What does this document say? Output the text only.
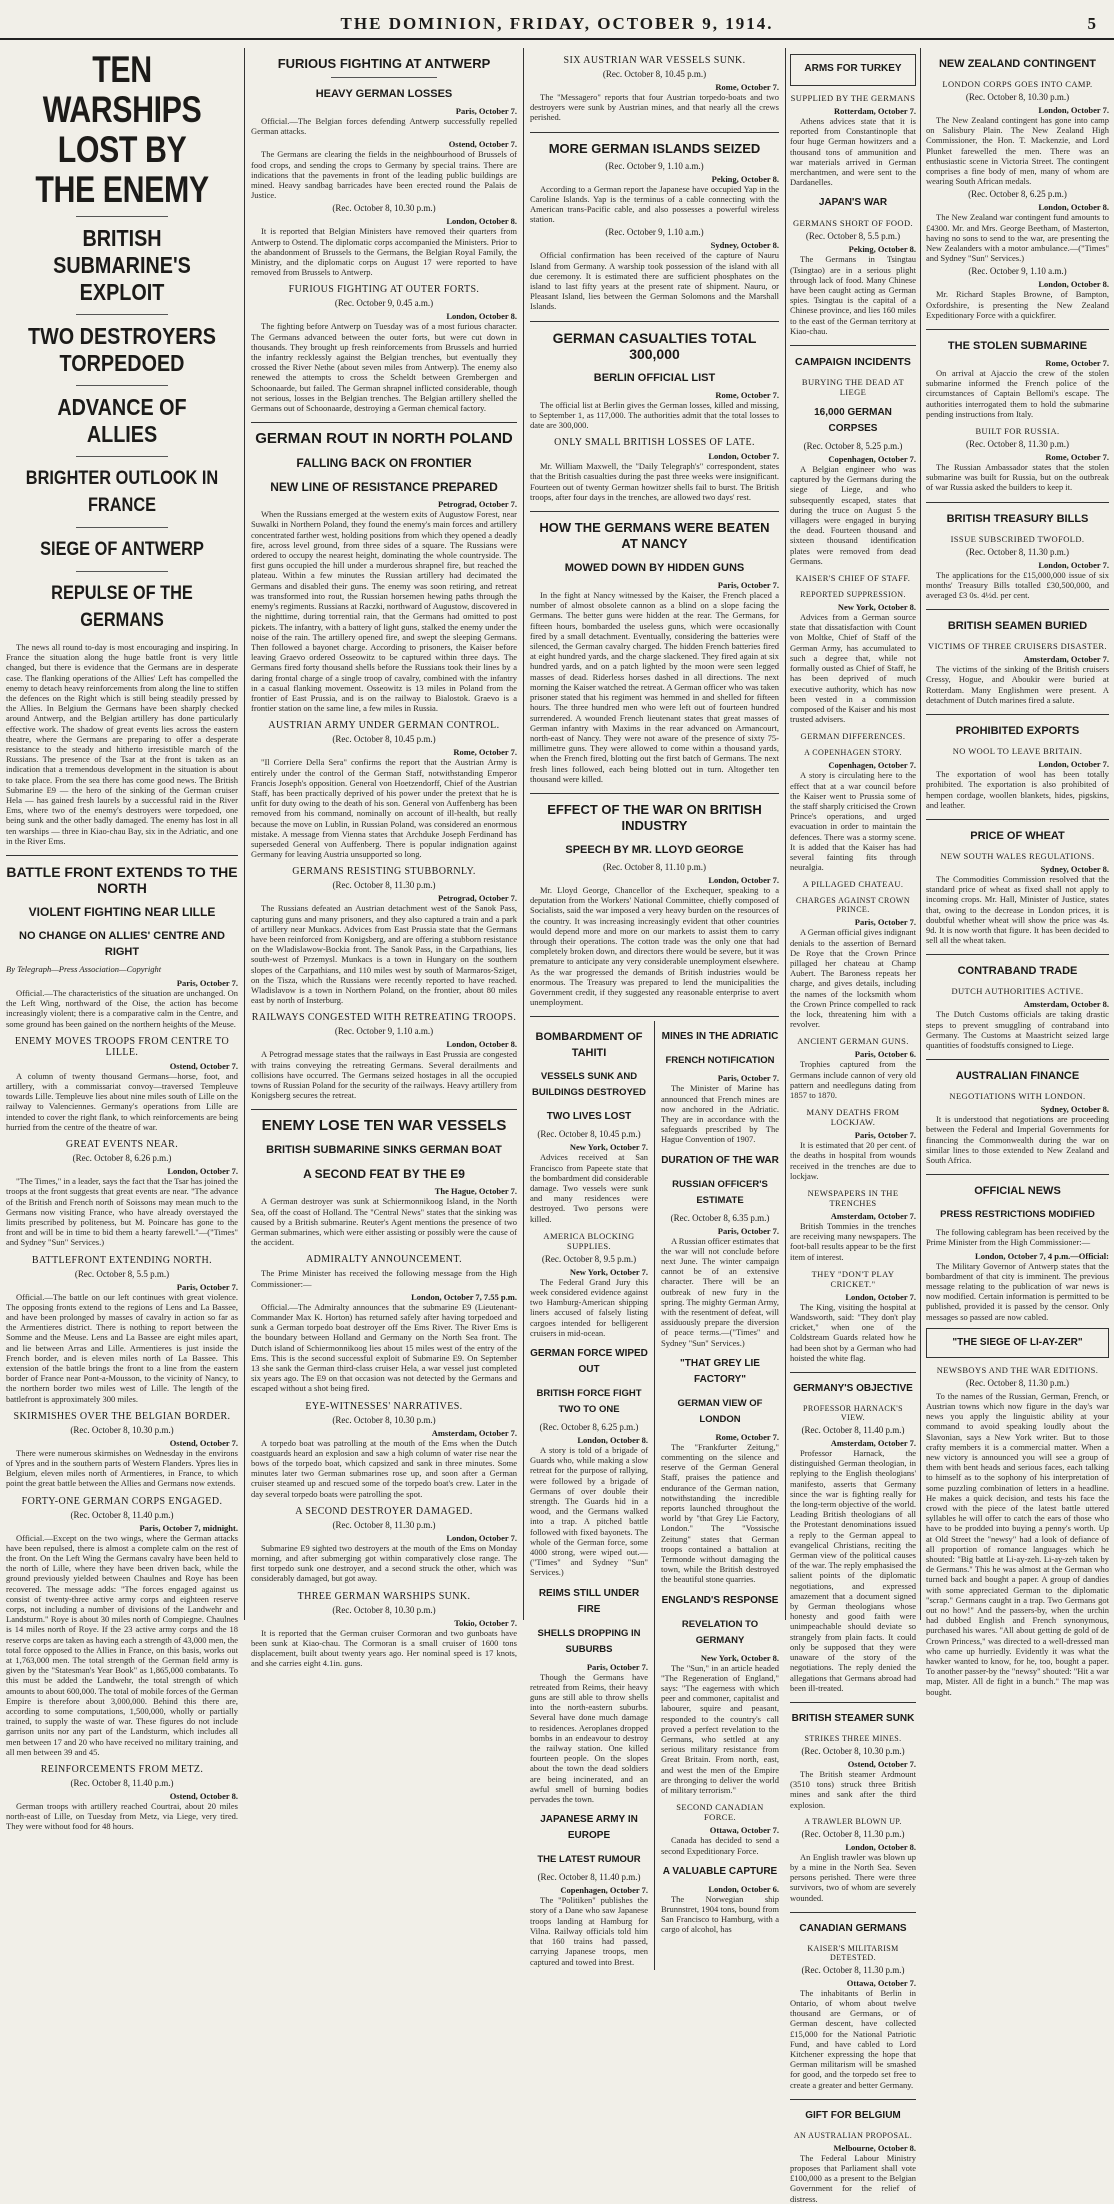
THE DOMINION, FRIDAY, OCTOBER 9, 1914.	5
TEN WARSHIPS LOST BY THE ENEMY
BRITISH SUBMARINE'S EXPLOIT
TWO DESTROYERS TORPEDOED
ADVANCE OF ALLIES
BRIGHTER OUTLOOK IN FRANCE
SIEGE OF ANTWERP
REPULSE OF THE GERMANS
The news all round to-day is most encouraging and inspiring. In France the situation along the huge battle front is very little changed, but there is evidence that the Germans are in desperate case. The flanking operations of the Allies' Left has compelled the enemy to detach heavy reinforcements from along the line to stiffen the defences on the Right which is still being steadily pressed by the Allies. In Belgium the Germans have been sharply checked around Antwerp, and the Belgian artillery has done particularly effective work. The shadow of great events lies across the eastern theatre, where the Germans are preparing to offer a desperate resistance to the steady and hitherto irresistible march of the Russians. The presence of the Tsar at the front is taken as an indication that a tremendous development in the situation is about to take place. From the sea there has come good news. The British Submarine E9 — the hero of the sinking of the German cruiser Hela — has gained fresh laurels by a successful raid in the River Ems, where two of the enemy's destroyers were torpedoed, one being sunk and the other badly damaged. The enemy has lost in all ten warships — three in Kiao-chau Bay, six in the Adriatic, and one in the River Ems.
BATTLE FRONT EXTENDS TO THE NORTH
VIOLENT FIGHTING NEAR LILLE
NO CHANGE ON ALLIES' CENTRE AND RIGHT
By Telegraph—Press Association—Copyright
Paris, October 7.
Official.—The characteristics of the situation are unchanged. On the Left Wing, northward of the Oise, the action has become increasingly violent; there is a comparative calm in the Centre, and some ground has been gained on the northern heights of the Meuse.
ENEMY MOVES TROOPS FROM CENTRE TO LILLE.
Ostend, October 7.
A column of twenty thousand Germans—horse, foot, and artillery, with a commissariat convoy—traversed Templeuve towards Lille. Templeuve lies about nine miles south of Lille on the railway to Valenciennes. Germany's operations from Lille are intended to cover the right flank, to which reinforcements are being hurried from the centre of the theatre of war.
GREAT EVENTS NEAR.
(Rec. October 8, 6.26 p.m.)
London, October 7.
"The Times," in a leader, says the fact that the Tsar has joined the troops at the front suggests that great events are near. "The advance of the British and French north of Soissons may mean much to the Germans now visiting France, who have already overstayed the limits prescribed by politeness, but M. Poincare has gone to the front and will be in time to bid them a hearty farewell."—("Times" and Sydney "Sun" Services.)
BATTLEFRONT EXTENDING NORTH.
(Rec. October 8, 5.5 p.m.)
Paris, October 7.
Official.—The battle on our left continues with great violence. The opposing fronts extend to the regions of Lens and La Bassee, and have been prolonged by masses of cavalry in action so far as the Armentieres district. There is nothing to report between the Somme and the Meuse. Lens and La Bassee are eight miles apart, and lie between Arras and Lille. Armentieres is just inside the French border, and is eleven miles north of La Bassee. This extension of the battle brings the front to a line from the eastern border of France near Pont-a-Mousson, to the vicinity of Nancy, to the northern border two miles west of Lille. The length of the battlefront is approximately 300 miles.
SKIRMISHES OVER THE BELGIAN BORDER.
(Rec. October 8, 10.30 p.m.)
Ostend, October 7.
There were numerous skirmishes on Wednesday in the environs of Ypres and in the southern parts of Western Flanders. Ypres lies in Belgium, eleven miles north of Armentieres, in France, to which point the great battle between the Allies and Germans now extends.
FORTY-ONE GERMAN CORPS ENGAGED.
(Rec. October 8, 11.40 p.m.)
Paris, October 7, midnight.
Official.—Except on the two wings, where the German attacks have been repulsed, there is almost a complete calm on the rest of the front. On the Left Wing the Germans cavalry have been held to the north of Lille, where they have been driven back, while the ground previously yielded between Chaulnes and Roye has been recovered. The message adds: "The forces engaged against us consist of twenty-three active army corps and eighteen reserve corps, not including a number of divisions of the Landwehr and Landsturm." Roye is about 30 miles north of Compiegne. Chaulnes is 14 miles north of Roye. If the 23 active army corps and the 18 reserve corps are taken as having each a strength of 43,000 men, the total force opposed to the Allies in France, on this basis, works out at 1,763,000 men. The total strength of the German field army is given by the "Statesman's Year Book" as 1,865,000 combatants. To this must be added the Landwehr, the total strength of which amounts to about 600,000. The total of mobile forces of the German Empire is therefore about 3,000,000. Behind this there are, according to some computations, 1,500,000, wholly or partially trained, to supply the waste of war. These figures do not include garrison units nor any part of the Landsturm, which includes all men between 17 and 20 who have received no military training, and all men between 39 and 45.
REINFORCEMENTS FROM METZ.
(Rec. October 8, 11.40 p.m.)
Ostend, October 8.
German troops with artillery reached Courtrai, about 20 miles north-east of Lille, on Tuesday from Metz, via Liege, very tired. They were without food for 48 hours.
FURIOUS FIGHTING AT ANTWERP
HEAVY GERMAN LOSSES
Paris, October 7.
Official.—The Belgian forces defending Antwerp successfully repelled German attacks.
Ostend, October 7.
The Germans are clearing the fields in the neighbourhood of Brussels of food crops, and sending the crops to Germany by special trains. There are indications that the pavements in front of the leading public buildings are mined. Heavy sandbag barricades have been erected round the Palais de Justice.
(Rec. October 8, 10.30 p.m.)
London, October 8.
It is reported that Belgian Ministers have removed their quarters from Antwerp to Ostend. The diplomatic corps accompanied the Ministers. Prior to the abandonment of Brussels to the Germans, the Belgian Royal Family, the Ministry, and the diplomatic corps on August 17 were reported to have removed from Brussels to Antwerp.
FURIOUS FIGHTING AT OUTER FORTS.
(Rec. October 9, 0.45 a.m.)
London, October 8.
The fighting before Antwerp on Tuesday was of a most furious character. The Germans advanced between the outer forts, but were cut down in thousands. They brought up fresh reinforcements from Brussels and hurried the infantry recklessly against the Belgian trenches, but eventually they crossed the River Nethe (about seven miles from Antwerp). The enemy also renewed the attempts to cross the Scheldt between Grembergen and Schoonaarde, but failed. The German shrapnel inflicted considerable, though not serious, losses in the Belgian trenches. The Belgian artillery shelled the Germans out of Schoonaarde, destroying a German chemical factory.
GERMAN ROUT IN NORTH POLAND
FALLING BACK ON FRONTIER
NEW LINE OF RESISTANCE PREPARED
Petrograd, October 7.
When the Russians emerged at the western exits of Augustow Forest, near Suwalki in Northern Poland, they found the enemy's main forces and artillery concentrated farther west, holding positions from which they opened a deadly fire, across level ground, from three sides of a square. The Russians were ordered to occupy the nearest height, dominating the whole countryside. The first guns occupied the hill under a murderous shrapnel fire, but reached the plateau. Within a few minutes the Russian artillery had decimated the Germans and disabled their guns. The enemy was soon retiring, and retreat was transformed into rout, the Russian horsemen hewing paths through the enemy's regiments. Russians at Raczki, northward of Augustow, discovered in the nighttime, during torrential rain, that the Germans had omitted to post pickets. The infantry, with a battery of light guns, stalked the enemy under the noise of the rain. The artillery opened fire, and swept the sleeping Germans. Then followed a bayonet charge. According to prisoners, the Kaiser before leaving Graevo ordered Osseowitz to be captured within three days. The Germans fired forty thousand shells before the Russians took their lines by a daring frontal charge of a single troop of cavalry, combined with the infantry in a casual flanking movement. Osseowitz is 13 miles in Poland from the frontier of East Prussia, and is on the railway to Bialostok. Graevo is a frontier station on the same line, a few miles in Russia.
AUSTRIAN ARMY UNDER GERMAN CONTROL.
(Rec. October 8, 10.45 p.m.)
Rome, October 7.
"Il Corriere Della Sera" confirms the report that the Austrian Army is entirely under the control of the German Staff, notwithstanding Emperor Francis Joseph's opposition. General von Hoetzendorff, Chief of the Austrian Staff, has been practically deprived of his power under the pretext that he is unfit for duty owing to the death of his son. General von Auffenberg has been removed from his command, nominally on account of ill-health, but really because the move on Lublin, in Russian Poland, was considered an enormous mistake. A message from Vienna states that Archduke Joseph Ferdinand has superseded General von Auffenberg. There is popular indignation against Germany for leaving Austria unsupported so long.
GERMANS RESISTING STUBBORNLY.
(Rec. October 8, 11.30 p.m.)
Petrograd, October 7.
The Russians defeated an Austrian detachment west of the Sanok Pass, capturing guns and many prisoners, and they also captured a train and a park of artillery near Munkacs. Advices from East Prussia state that the Germans have been reinforced from Konigsberg, and are offering a stubborn resistance on the Wladislawow-Bockia front. The Sanok Pass, in the Carpathians, lies south-west of Przemysl. Munkacs is a town in Hungary on the southern slopes of the Carpathians, and 110 miles west by south of Marmaros-Sziget, on the Tisza, which the Russians were recently reported to have reached. Wladislavow is a town in Northern Poland, on the frontier, about 80 miles east by north of Insterburg.
RAILWAYS CONGESTED WITH RETREATING TROOPS.
(Rec. October 9, 1.10 a.m.)
London, October 8.
A Petrograd message states that the railways in East Prussia are congested with trains conveying the retreating Germans. Several derailments and collisions have occurred. The Germans seized hostages in all the occupied towns of Russian Poland for the security of the railways. Heavy artillery from Konigsberg secures the retreat.
ENEMY LOSE TEN WAR VESSELS
BRITISH SUBMARINE SINKS GERMAN BOAT
A SECOND FEAT BY THE E9
The Hague, October 7.
A German destroyer was sunk at Schiermonnikoog Island, in the North Sea, off the coast of Holland. The "Central News" states that the sinking was caused by a British submarine. Reuter's Agent mentions the presence of two German submarines, which were either assisting or possibly were the cause of the accident.
ADMIRALTY ANNOUNCEMENT.
The Prime Minister has received the following message from the High Commissioner:—
London, October 7, 7.55 p.m.
Official.—The Admiralty announces that the submarine E9 (Lieutenant-Commander Max K. Horton) has returned safely after having torpedoed and sunk a German torpedo boat destroyer off the Ems River. The River Ems is the boundary between Holland and Germany on the North Sea front. The Dutch island of Schiermonnikoog lies about 15 miles west of the entry of the Ems. This is the second successful exploit of Submarine E9. On September 13 she sank the German third-class cruiser Hela, a war vessel just completed six years ago. The E9 on that occasion was not detected by the Germans and escaped without a shot being fired.
EYE-WITNESSES' NARRATIVES.
(Rec. October 8, 10.30 p.m.)
Amsterdam, October 7.
A torpedo boat was patrolling at the mouth of the Ems when the Dutch coastguards heard an explosion and saw a high column of water rise near the bows of the torpedo boat, which capsized and sank in three minutes. Some minutes later two German submarines rose up, and soon after a German cruiser steamed up and rescued some of the torpedo boat's crew. Later in the day several torpedo boats were patrolling the spot.
A SECOND DESTROYER DAMAGED.
(Rec. October 8, 11.30 p.m.)
London, October 7.
Submarine E9 sighted two destroyers at the mouth of the Ems on Monday morning, and after submerging got within comparatively close range. The first torpedo sunk one destroyer, and a second struck the other, which was considerably damaged, but got away.
THREE GERMAN WARSHIPS SUNK.
(Rec. October 8, 10.30 p.m.)
Tokio, October 7.
It is reported that the German cruiser Cormoran and two gunboats have been sunk at Kiao-chau. The Cormoran is a small cruiser of 1600 tons displacement, built about twenty years ago. Her nominal speed is 17 knots, and she carries eight 4.1in. guns.
SIX AUSTRIAN WAR VESSELS SUNK.
(Rec. October 8, 10.45 p.m.)
Rome, October 7.
The "Messagero" reports that four Austrian torpedo-boats and two destroyers were sunk by Austrian mines, and that nearly all the crews perished.
MORE GERMAN ISLANDS SEIZED
(Rec. October 9, 1.10 a.m.)
Peking, October 8.
According to a German report the Japanese have occupied Yap in the Caroline Islands. Yap is the terminus of a cable connecting with the American trans-Pacific cable, and also possesses a powerful wireless station.
(Rec. October 9, 1.10 a.m.)
Sydney, October 8.
Official confirmation has been received of the capture of Nauru Island from Germany. A warship took possession of the island with all due ceremony. It is estimated there are sufficient phosphates on the island to last fifty years at the present rate of shipment. Nauru, or Pleasant Island, lies between the German Solomons and the Marshall Islands.
GERMAN CASUALTIES TOTAL 300,000
BERLIN OFFICIAL LIST
Rome, October 7.
The official list at Berlin gives the German losses, killed and missing, to September 1, as 117,000. The authorities admit that the total losses to date are 300,000.
ONLY SMALL BRITISH LOSSES OF LATE.
London, October 7.
Mr. William Maxwell, the "Daily Telegraph's" correspondent, states that the British casualties during the past three weeks were insignificant. Fourteen out of twenty German howitzer shells fail to burst. The British troops, after four days in the trenches, are allowed two days' rest.
HOW THE GERMANS WERE BEATEN AT NANCY
MOWED DOWN BY HIDDEN GUNS
Paris, October 7.
In the fight at Nancy witnessed by the Kaiser, the French placed a number of almost obsolete cannon as a blind on a slope facing the Germans. The better guns were hidden at the rear. The Germans, for fifteen hours, bombarded the useless guns, which were occasionally fired by a small detachment. Eventually, considering the batteries were silenced, the German cavalry charged. The hidden French batteries fired at eight hundred yards, and the charge slackened. They fired again at six hundred yards, and on a patch lighted by the moon were seen legged masses of dead. Riderless horses dashed in all directions. The next morning the Kaiser watched the retreat. A German officer who was taken prisoner stated that his regiment was hemmed in and shelled for fifteen hours. The three hundred men who were left out of fourteen hundred surrendered. A wounded French lieutenant states that great masses of German infantry with Maxims in the rear advanced on Armancourt, north-east of Nancy. They were not aware of the presence of sixty 75-millimetre guns. They were allowed to come within a thousand yards, when the French fired, blotting out the first batch of Germans. The next fresh lines followed, each being blotted out in turn. Altogether ten thousand were killed.
EFFECT OF THE WAR ON BRITISH INDUSTRY
SPEECH BY MR. LLOYD GEORGE
(Rec. October 8, 11.10 p.m.)
London, October 7.
Mr. Lloyd George, Chancellor of the Exchequer, speaking to a deputation from the Workers' National Committee, chiefly composed of Socialists, said the war imposed a very heavy burden on the resources of the country. It was increasing increasingly evident that other countries would depend more and more on our markets to assist them to carry through their operations. The cotton trade was the only one that had completely broken down, and directors there would be severe, but it was premature to anticipate any very considerable unemployment elsewhere. As the war progressed the demands of British industries would be enormous. The Treasury was prepared to lend the municipalities the Government credit, if they suggested any reasonable enterprise to avert unemployment.
BOMBARDMENT OF TAHITI
VESSELS SUNK AND BUILDINGS DESTROYED
TWO LIVES LOST
(Rec. October 8, 10.45 p.m.)
New York, October 7.
Advices received at San Francisco from Papeete state that the bombardment did considerable damage. Two vessels were sunk and many residences were destroyed. Two persons were killed.
AMERICA BLOCKING SUPPLIES.
(Rec. October 8, 9.5 p.m.)
New York, October 7.
The Federal Grand Jury this week considered evidence against two Hamburg-American shipping liners accused of falsely listing cargoes intended for belligerent cruisers in mid-ocean.
GERMAN FORCE WIPED OUT
BRITISH FORCE FIGHT TWO TO ONE
(Rec. October 8, 6.25 p.m.)
London, October 8.
A story is told of a brigade of Guards who, while making a slow retreat for the purpose of rallying, were followed by a brigade of Germans of over double their strength. The Guards hid in a wood, and the Germans walked into a trap. A pitched battle followed with fixed bayonets. The whole of the German force, some 4000 strong, were wiped out.—("Times" and Sydney "Sun" Services.)
REIMS STILL UNDER FIRE
SHELLS DROPPING IN SUBURBS
Paris, October 7.
Though the Germans have retreated from Reims, their heavy guns are still able to throw shells into the north-eastern suburbs. Several have done much damage to residences. Aeroplanes dropped bombs in an endeavour to destroy the railway station. One killed fourteen people. On the slopes about the town the dead soldiers are being incinerated, and an awful smell of burning bodies pervades the town.
JAPANESE ARMY IN EUROPE
THE LATEST RUMOUR
(Rec. October 8, 11.40 p.m.)
Copenhagen, October 7.
The "Politiken" publishes the story of a Dane who saw Japanese troops landing at Hamburg for Vilna. Railway officials told him that 160 trains had passed, carrying Japanese troops, men captured and towed into Brest.
MINES IN THE ADRIATIC
FRENCH NOTIFICATION
Paris, October 7.
The Minister of Marine has announced that French mines are now anchored in the Adriatic. They are in accordance with the safeguards prescribed by The Hague Convention of 1907.
DURATION OF THE WAR
RUSSIAN OFFICER'S ESTIMATE
(Rec. October 8, 6.35 p.m.)
Paris, October 7.
A Russian officer estimates that the war will not conclude before next June. The winter campaign cannot be of an extensive character. There will be an outbreak of new fury in the spring. The mighty German Army, with the resentment of defeat, will assiduously prepare the diversion of peace terms.—("Times" and Sydney "Sun" Services.)
"THAT GREY LIE FACTORY"
GERMAN VIEW OF LONDON
Rome, October 7.
The "Frankfurter Zeitung," commenting on the silence and reserve of the German General Staff, praises the patience and endurance of the German nation, notwithstanding the incredible reports launched throughout the world by "that Grey Lie Factory, London." The "Vossische Zeitung" states that German troops contained a battalion at Termonde without damaging the town, while the British destroyed the beautiful stone quarries.
ENGLAND'S RESPONSE
REVELATION TO GERMANY
New York, October 8.
The "Sun," in an article headed "The Regeneration of England," says: "The eagerness with which peer and commoner, capitalist and labourer, squire and peasant, responded to the country's call proved a perfect revelation to the Germans, who settled at any serious military resistance from Great Britain. From north, east, and west the men of the Empire are thronging to deliver the world of military terrorism."
SECOND CANADIAN FORCE.
Ottawa, October 7.
Canada has decided to send a second Expeditionary Force.
A VALUABLE CAPTURE
London, October 6.
The Norwegian ship Brunnstret, 1904 tons, bound from San Francisco to Hamburg, with a cargo of alcohol, has
ARMS FOR TURKEY
SUPPLIED BY THE GERMANS
Rotterdam, October 7.
Athens advices state that it is reported from Constantinople that four huge German howitzers and a thousand tons of ammunition and war materials arrived in German merchantmen, and were sent to the Dardanelles.
JAPAN'S WAR
GERMANS SHORT OF FOOD.
(Rec. October 8, 5.5 p.m.)
Peking, October 8.
The Germans in Tsingtau (Tsingtao) are in a serious plight through lack of food. Many Chinese have been caught acting as German spies. Tsingtau is the capital of a Chinese province, and lies 160 miles to the east of the German territory at Kiao-chau.
CAMPAIGN INCIDENTS
BURYING THE DEAD AT LIEGE
16,000 GERMAN CORPSES
(Rec. October 8, 5.25 p.m.)
Copenhagen, October 7.
A Belgian engineer who was captured by the Germans during the siege of Liege, and who subsequently escaped, states that during the truce on August 5 the villagers were engaged in burying the dead. Fourteen thousand and sixteen thousand identification plates were removed from dead Germans.
KAISER'S CHIEF OF STAFF.
REPORTED SUPPRESSION.
New York, October 8.
Advices from a German source state that dissatisfaction with Count von Moltke, Chief of Staff of the German Army, has accumulated to such a degree that, while not formally ousted as Chief of Staff, he has been deprived of much executive authority, which has now been vested in a commission composed of the Kaiser and his most trusted advisers.
GERMAN DIFFERENCES.
A COPENHAGEN STORY.
Copenhagen, October 7.
A story is circulating here to the effect that at a war council before the Kaiser went to Prussia some of the staff sharply criticised the Crown Prince's operations, and urged evacuation in order to maintain the defences. There was a stormy scene. It is added that the Kaiser has had several fainting fits through neuralgia.
A PILLAGED CHATEAU.
CHARGES AGAINST CROWN PRINCE.
Paris, October 7.
A German official gives indignant denials to the assertion of Bernard De Roye that the Crown Prince pillaged her chateau at Champ Aubert. The Baroness repeats her charge, and gives details, including the names of the locksmith whom the Crown Prince compelled to rack the lock, threatening him with a revolver.
ANCIENT GERMAN GUNS.
Paris, October 6.
Trophies captured from the Germans include cannon of very old pattern and needleguns dating from 1857 to 1870.
MANY DEATHS FROM LOCKJAW.
Paris, October 7.
It is estimated that 20 per cent. of the deaths in hospital from wounds received in the trenches are due to lockjaw.
NEWSPAPERS IN THE TRENCHES
Amsterdam, October 7.
British Tommies in the trenches are receiving many newspapers. The foot-ball results appear to be the first item of interest.
THEY "DON'T PLAY CRICKET."
London, October 7.
The King, visiting the hospital at Wandsworth, said: "They don't play cricket," when one of the Coldstream Guards related how he had been shot by a German who had hoisted the white flag.
GERMANY'S OBJECTIVE
PROFESSOR HARNACK'S VIEW.
(Rec. October 8, 11.40 p.m.)
Amsterdam, October 7.
Professor Harnack, the distinguished German theologian, in replying to the English theologians' manifesto, asserts that Germany since the war is fighting really for the long-term objective of the world. Leading British theologians of all the Protestant denominations issued a reply to the German appeal to evangelical Christians, reciting the German view of the political causes of the war. The reply emphasised the salient points of the diplomatic negotiations, and expressed amazement that a document signed by German theologians whose honesty and good faith were unimpeachable should deviate so strangely from plain facts. It could only be supposed that they were unaware of the story of the negotiations. The reply denied the allegations that Germans abroad had been ill-treated.
BRITISH STEAMER SUNK
STRIKES THREE MINES.
(Rec. October 8, 10.30 p.m.)
Ostend, October 7.
The British steamer Ardmount (3510 tons) struck three British mines and sank after the third explosion.
A TRAWLER BLOWN UP.
(Rec. October 8, 11.30 p.m.)
London, October 8.
An English trawler was blown up by a mine in the North Sea. Seven persons perished. There were three survivors, two of whom are severely wounded.
CANADIAN GERMANS
KAISER'S MILITARISM DETESTED.
(Rec. October 8, 11.30 p.m.)
Ottawa, October 7.
The inhabitants of Berlin in Ontario, of whom about twelve thousand are Germans, or of German descent, have collected £15,000 for the National Patriotic Fund, and have cabled to Lord Kitchener expressing the hope that German militarism will be smashed for good, and the torpedo set free to create a greater and better Germany.
GIFT FOR BELGIUM
AN AUSTRALIAN PROPOSAL.
Melbourne, October 8.
The Federal Labour Ministry proposes that Parliament shall vote £100,000 as a present to the Belgian Government for the relief of distress.
NEW ZEALAND CONTINGENT
LONDON CORPS GOES INTO CAMP.
(Rec. October 8, 10.30 p.m.)
London, October 7.
The New Zealand contingent has gone into camp on Salisbury Plain. The New Zealand High Commissioner, the Hon. T. Mackenzie, and Lord Plunket farewelled the men. There was an enthusiastic scene in Victoria Street. The contingent comprises a fine body of men, many of whom are wearing South African medals.
(Rec. October 8, 6.25 p.m.)
London, October 8.
The New Zealand war contingent fund amounts to £4300. Mr. and Mrs. George Beetham, of Masterton, having no sons to send to the war, are presenting the New Zealanders with a motor ambulance.—("Times" and Sydney "Sun" Services.)
(Rec. October 9, 1.10 a.m.)
London, October 8.
Mr. Richard Staples Browne, of Bampton, Oxfordshire, is presenting the New Zealand Expeditionary Force with a quickfirer.
THE STOLEN SUBMARINE
Rome, October 7.
On arrival at Ajaccio the crew of the stolen submarine informed the French police of the circumstances of Captain Bellomi's escape. The authorities interrogated them to hold the submarine pending instructions from Italy.
BUILT FOR RUSSIA.
(Rec. October 8, 11.30 p.m.)
Rome, October 7.
The Russian Ambassador states that the stolen submarine was built for Russia, but on the outbreak of war Russia asked the builders to keep it.
BRITISH TREASURY BILLS
ISSUE SUBSCRIBED TWOFOLD.
(Rec. October 8, 11.30 p.m.)
London, October 7.
The applications for the £15,000,000 issue of six months' Treasury Bills totalled £30,500,000, and averaged £3 0s. 4½d. per cent.
BRITISH SEAMEN BURIED
VICTIMS OF THREE CRUISERS DISASTER.
Amsterdam, October 7.
The victims of the sinking of the British cruisers Cressy, Hogue, and Aboukir were buried at Rotterdam. Many Englishmen were present. A detachment of Dutch marines fired a salute.
PROHIBITED EXPORTS
NO WOOL TO LEAVE BRITAIN.
London, October 7.
The exportation of wool has been totally prohibited. The exportation is also prohibited of hempen cordage, woollen blankets, hides, pigskins, and leather.
PRICE OF WHEAT
NEW SOUTH WALES REGULATIONS.
Sydney, October 8.
The Commodities Commission resolved that the standard price of wheat as fixed shall not apply to incoming crops. Mr. Hall, Minister of Justice, states that, owing to the decrease in London prices, it is doubtful whether wheat will show the price was 4s. 9d. It is now worth that figure. It has been decided to sell all the wheat taken.
CONTRABAND TRADE
DUTCH AUTHORITIES ACTIVE.
Amsterdam, October 8.
The Dutch Customs officials are taking drastic steps to prevent smuggling of contraband into Germany. The Customs at Maastricht seized large quantities of foodstuffs consigned to Liege.
AUSTRALIAN FINANCE
NEGOTIATIONS WITH LONDON.
Sydney, October 8.
It is understood that negotiations are proceeding between the Federal and Imperial Governments for financing the Commonwealth during the war on similar lines to those extended to New Zealand and South Africa.
OFFICIAL NEWS
PRESS RESTRICTIONS MODIFIED
The following cablegram has been received by the Prime Minister from the High Commissioner:—
London, October 7, 4 p.m.—Official:
The Military Governor of Antwerp states that the bombardment of that city is imminent. The previous message relating to the publication of war news is now modified. Certain information is permitted to be published, provided it is passed by the censor. Only messages so passed are now cabled.
"THE SIEGE OF LI-AY-ZER"
NEWSBOYS AND THE WAR EDITIONS.
(Rec. October 8, 11.30 p.m.)
To the names of the Russian, German, French, or Austrian towns which now figure in the day's war news you apply the linguistic ability at your command to avoid speaking loudly about the Slavonian, says a New York writer. But to those crafty members it is a commercial matter. When a new victory is announced you will see a group of them with bent heads and serious faces, each talking to himself as to the sophony of his interpretation of some puzzling combination of letters in a headline. He makes a quick decision, and tests his face the crowd with the piece of the latest battle uttered syllables he will offer to catch the ears of those who have to be prodded into buying a penny's worth. Up at Old Street the "newsy" had a look of defiance of all proportion of romance languages which he shouted: "Big battle at Li-ay-zeh. Li-ay-zeh taken by de Germans." This he was almost at the German who turned back and bought a paper. A group of dandies with some appreciated German to the diplomatic "scrap." Germans caught in a trap. Two Germans got out no how!" And the passers-by, when the urchin had dubbed English and French synonymous, purchased his wares. "All about getting de gold of de Crown Princess," was directed to a well-dressed man who came up hurriedly. Evidently it was what the hawker wanted to know, for he, too, bought a paper. To another passer-by the "newsy" shouted: "Hit a war map, Mister. All de fight in a bunch." The map was bought.
